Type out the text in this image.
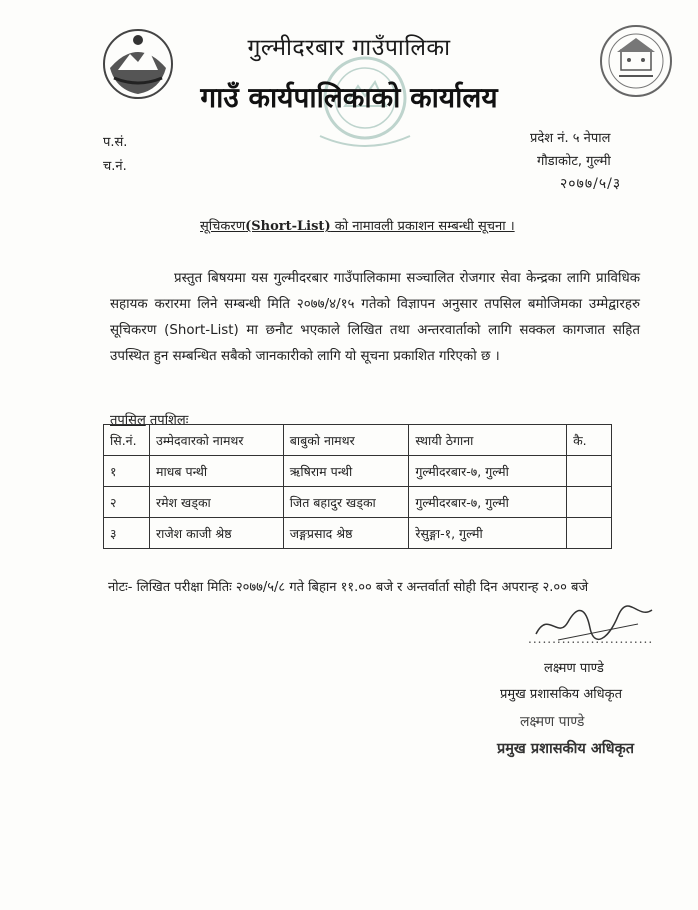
गुल्मीदरबार गाउँपालिका
गाउँ कार्यपालिकाको कार्यालय
प.सं.
च.नं.
प्रदेश नं. ५ नेपाल
गौडाकोट, गुल्मी
२०७७/५/३
सूचिकरण(Short-List) को नामावली प्रकाशन सम्बन्धी सूचना ।
प्रस्तुत बिषयमा यस गुल्मीदरबार गाउँपालिकामा सञ्चालित रोजगार सेवा केन्द्रका लागि प्राविधिक सहायक करारमा लिने सम्बन्धी मिति २०७७/४/१५ गतेको विज्ञापन अनुसार तपसिल बमोजिमका उम्मेद्वारहरु सूचिकरण (Short-List) मा छनौट भएकाले लिखित तथा अन्तरवार्ताको लागि सक्कल कागजात सहित उपस्थित हुन सम्बन्धित सबैको जानकारीको लागि यो सूचना प्रकाशित गरिएको छ ।
तपसिल तपशिलः
सि.नं.	उम्मेदवारको नामथर	बाबुको नामथर	स्थायी ठेगाना	कै.
१	माधब पन्थी	ऋषिराम पन्थी	गुल्मीदरबार-७, गुल्मी	
२	रमेश खड्का	जित बहादुर खड्का	गुल्मीदरबार-७, गुल्मी	
३	राजेश काजी श्रेष्ठ	जङ्गप्रसाद श्रेष्ठ	रेसुङ्गा-१, गुल्मी	
नोटः- लिखित परीक्षा मितिः २०७७/५/८ गते बिहान ११.०० बजे र अन्तर्वार्ता सोही दिन अपरान्ह २.०० बजे
..........................
लक्ष्मण पाण्डे
प्रमुख प्रशासकिय अधिकृत
लक्ष्मण पाण्डे
प्रमुख प्रशासकीय अधिकृत
